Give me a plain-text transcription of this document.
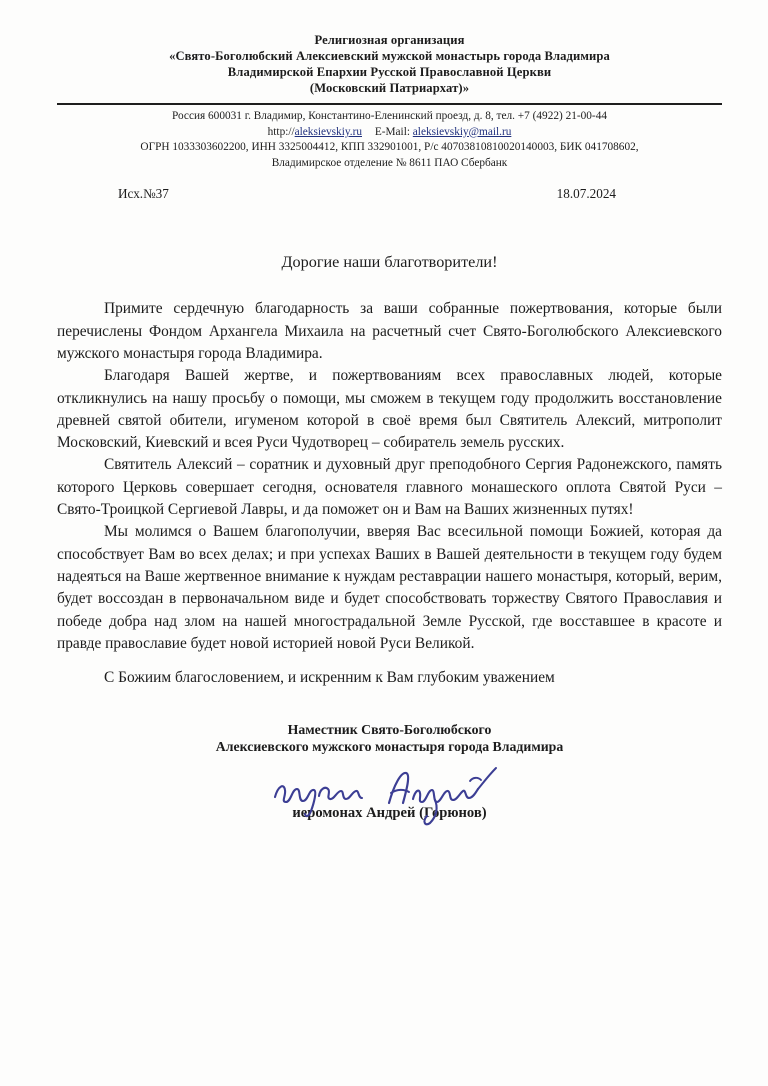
Религиозная организация
«Свято-Боголюбский Алексиевский мужской монастырь города Владимира
Владимирской Епархии Русской Православной Церкви
(Московский Патриархат)»
Россия 600031 г. Владимир, Константино-Еленинский проезд, д. 8, тел. +7 (4922) 21-00-44
http://aleksievskiy.ru E-Mail: aleksievskiy@mail.ru
ОГРН 1033303602200, ИНН 3325004412, КПП 332901001, Р/с 40703810810020140003, БИК 041708602,
Владимирское отделение № 8611 ПАО Сбербанк
Исх.№37	18.07.2024
Дорогие наши благотворители!

Примите сердечную благодарность за ваши собранные пожертвования, которые были перечислены Фондом Архангела Михаила на расчетный счет Свято-Боголюбского Алексиевского мужского монастыря города Владимира.

Благодаря Вашей жертве, и пожертвованиям всех православных людей, которые откликнулись на нашу просьбу о помощи, мы сможем в текущем году продолжить восстановление древней святой обители, игуменом которой в своё время был Святитель Алексий, митрополит Московский, Киевский и всея Руси Чудотворец – собиратель земель русских.

Святитель Алексий – соратник и духовный друг преподобного Сергия Радонежского, память которого Церковь совершает сегодня, основателя главного монашеского оплота Святой Руси – Свято-Троицкой Сергиевой Лавры, и да поможет он и Вам на Ваших жизненных путях!

Мы молимся о Вашем благополучии, вверяя Вас всесильной помощи Божией, которая да способствует Вам во всех делах; и при успехах Ваших в Вашей деятельности в текущем году будем надеяться на Ваше жертвенное внимание к нуждам реставрации нашего монастыря, который, верим, будет воссоздан в первоначальном виде и будет способствовать торжеству Святого Православия и победе добра над злом на нашей многострадальной Земле Русской, где восставшее в красоте и правде православие будет новой историей новой Руси Великой.

С Божиим благословением, и искренним к Вам глубоким уважением

Наместник Свято-Боголюбского
Алексиевского мужского монастыря города Владимира
иеромонах Андрей (Горюнов)
